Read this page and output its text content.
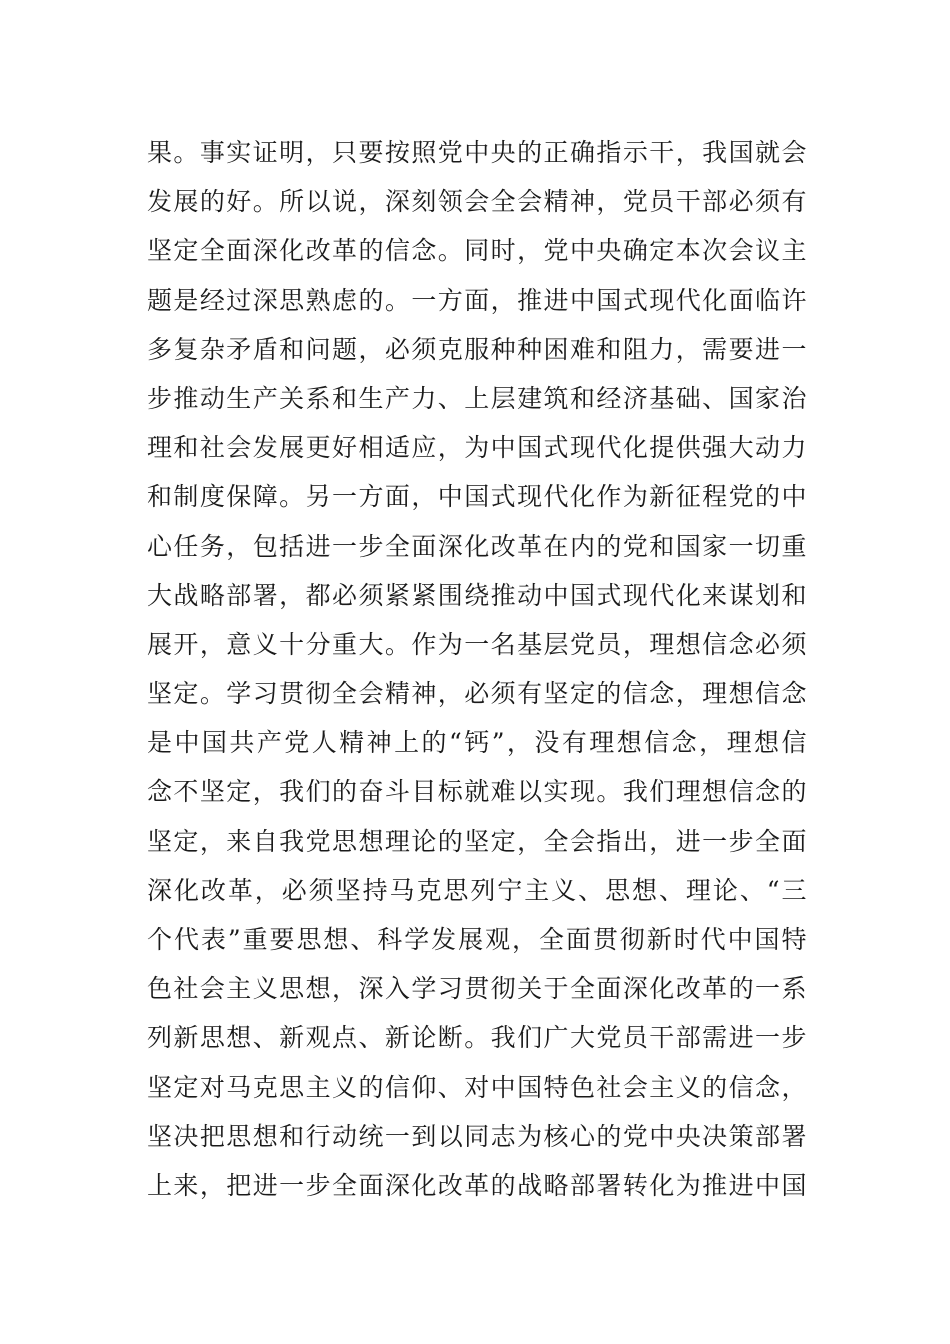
果。事实证明，只要按照党中央的正确指示干，我国就会
发展的好。所以说，深刻领会全会精神，党员干部必须有
坚定全面深化改革的信念。同时，党中央确定本次会议主
题是经过深思熟虑的。一方面，推进中国式现代化面临许
多复杂矛盾和问题，必须克服种种困难和阻力，需要进一
步推动生产关系和生产力、上层建筑和经济基础、国家治
理和社会发展更好相适应，为中国式现代化提供强大动力
和制度保障。另一方面，中国式现代化作为新征程党的中
心任务，包括进一步全面深化改革在内的党和国家一切重
大战略部署，都必须紧紧围绕推动中国式现代化来谋划和
展开，意义十分重大。作为一名基层党员，理想信念必须
坚定。学习贯彻全会精神，必须有坚定的信念，理想信念
是中国共产党人精神上的“钙”，没有理想信念，理想信
念不坚定，我们的奋斗目标就难以实现。我们理想信念的
坚定，来自我党思想理论的坚定，全会指出，进一步全面
深化改革，必须坚持马克思列宁主义、思想、理论、“三
个代表”重要思想、科学发展观，全面贯彻新时代中国特
色社会主义思想，深入学习贯彻关于全面深化改革的一系
列新思想、新观点、新论断。我们广大党员干部需进一步
坚定对马克思主义的信仰、对中国特色社会主义的信念，
坚决把思想和行动统一到以同志为核心的党中央决策部署
上来，把进一步全面深化改革的战略部署转化为推进中国
